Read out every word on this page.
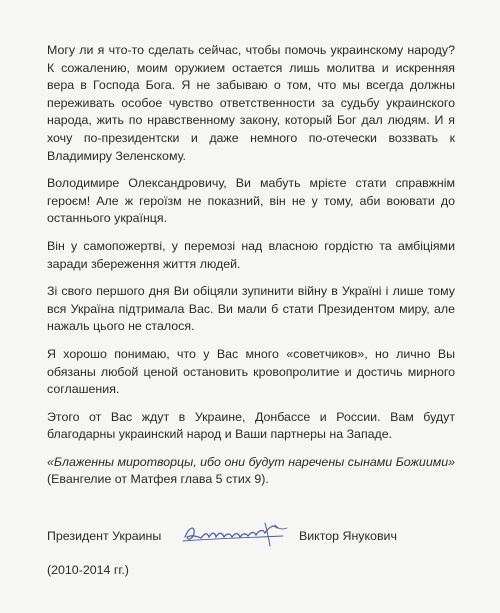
Могу ли я что-то сделать сейчас, чтобы помочь украинскому народу? К сожалению, моим оружием остается лишь молитва и искренняя вера в Господа Бога. Я не забываю о том, что мы всегда должны переживать особое чувство ответственности за судьбу украинского народа, жить по нравственному закону, который Бог дал людям. И я хочу по-президентски и даже немного по-отечески воззвать к Владимиру Зеленскому.

Володимире Олександровичу, Ви мабуть мрієте стати справжнім героєм! Але ж героїзм не показний, він не у тому, аби воювати до останнього українця.

Він у самопожертві, у перемозі над власною гордістю та амбіціями заради збереження життя людей.

Зі свого першого дня Ви обіцяли зупинити війну в Україні і лише тому вся Україна підтримала Вас. Ви мали б стати Президентом миру, але нажаль цього не сталося.

Я хорошо понимаю, что у Вас много «советчиков», но лично Вы обязаны любой ценой остановить кровопролитие и достичь мирного соглашения.

Этого от Вас ждут в Украине, Донбассе и России. Вам будут благодарны украинский народ и Ваши партнеры на Западе.

«Блаженны миротворцы, ибо они будут наречены сынами Божиими» (Евангелие от Матфея глава 5 стих 9).

Президент Украины	Виктор Янукович
(2010-2014 гг.)
